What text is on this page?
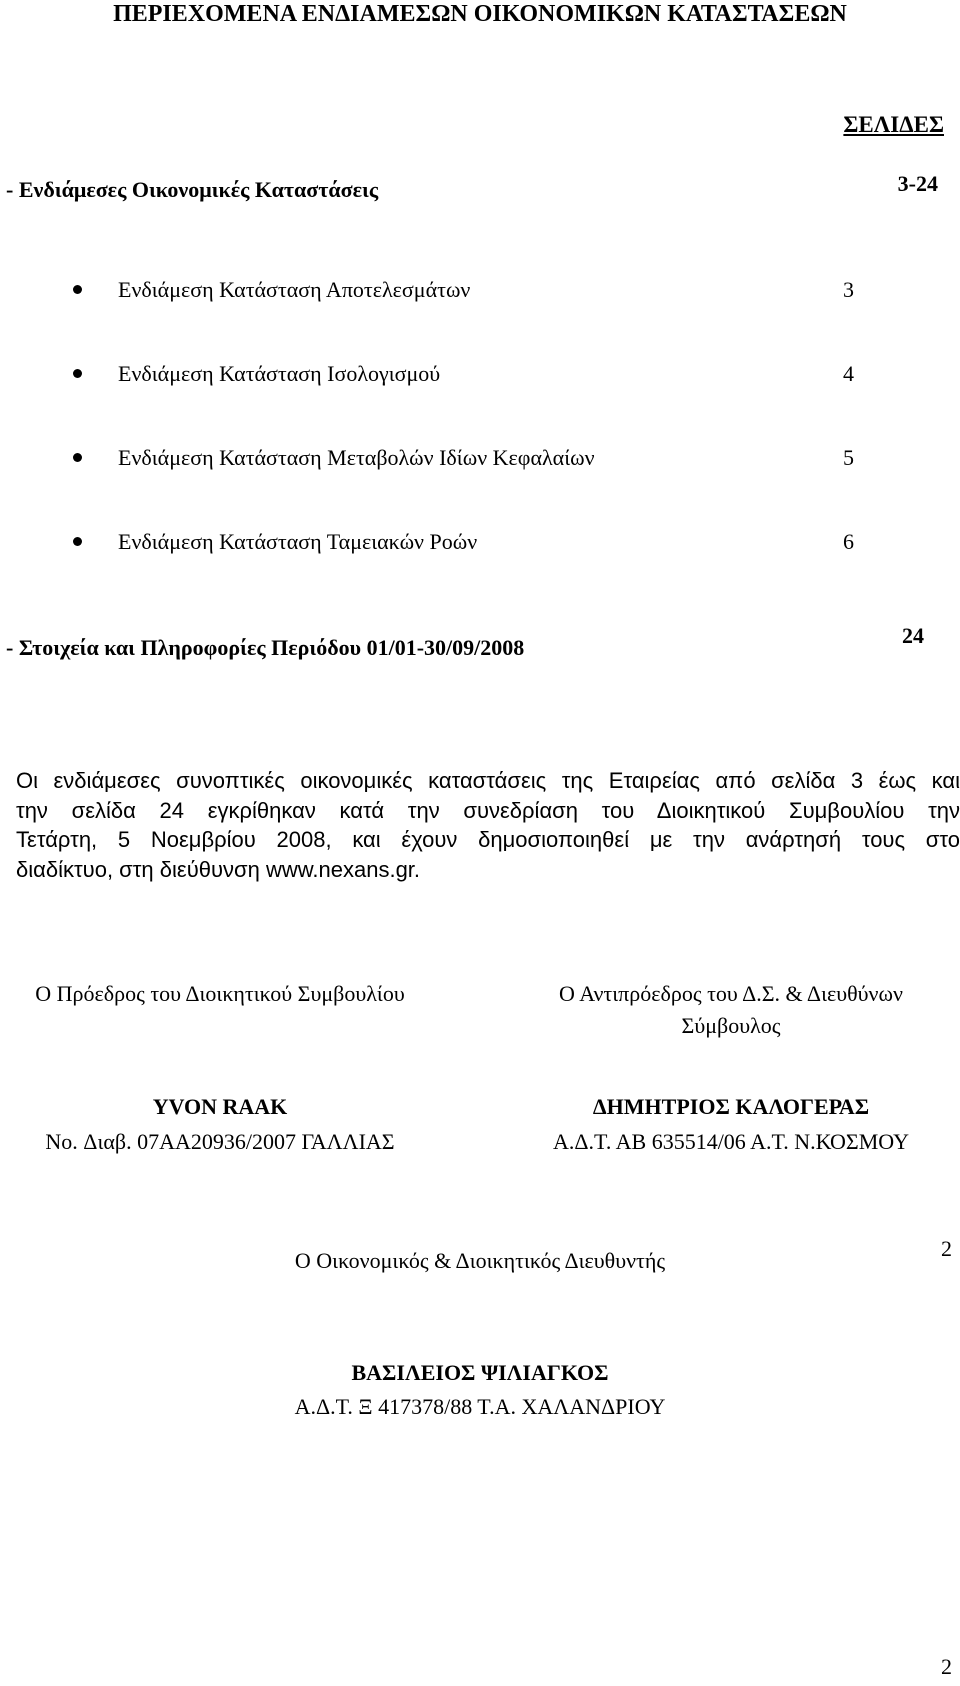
ΠΕΡΙΕΧΟΜΕΝΑ ΕΝΔΙΑΜΕΣΩΝ ΟΙΚΟΝΟΜΙΚΩΝ ΚΑΤΑΣΤΑΣΕΩΝ
ΣΕΛΙΔΕΣ
- Ενδιάμεσες Οικονομικές Καταστάσεις	3-24
Ενδιάμεση Κατάσταση Αποτελεσμάτων	3
Ενδιάμεση Κατάσταση Ισολογισμού	4
Ενδιάμεση Κατάσταση Μεταβολών Ιδίων Κεφαλαίων	5
Ενδιάμεση Κατάσταση Ταμειακών Ροών	6
- Στοιχεία και Πληροφορίες Περιόδου 01/01-30/09/2008	24
Οι ενδιάμεσες συνοπτικές οικονομικές καταστάσεις της Εταιρείας από σελίδα 3 έως και
την σελίδα 24 εγκρίθηκαν κατά την συνεδρίαση του Διοικητικού Συμβουλίου την
Τετάρτη, 5 Νοεμβρίου 2008, και έχουν δημοσιοποιηθεί με την ανάρτησή τους στο
διαδίκτυο, στη διεύθυνση www.nexans.gr.
Ο Πρόεδρος του Διοικητικού Συμβουλίου
YVON RAAK
No. Διαβ. 07AA20936/2007 ΓΑΛΛΙΑΣ
Ο Αντιπρόεδρος του Δ.Σ. & Διευθύνων
Σύμβουλος
ΔΗΜΗΤΡΙΟΣ ΚΑΛΟΓΕΡΑΣ
Α.Δ.Τ. ΑΒ 635514/06 Α.Τ. Ν.ΚΟΣΜΟΥ
2
Ο Οικονομικός & Διοικητικός Διευθυντής
ΒΑΣΙΛΕΙΟΣ ΨΙΛΙΑΓΚΟΣ
Α.Δ.Τ. Ξ 417378/88 Τ.Α. ΧΑΛΑΝΔΡΙΟΥ
2
